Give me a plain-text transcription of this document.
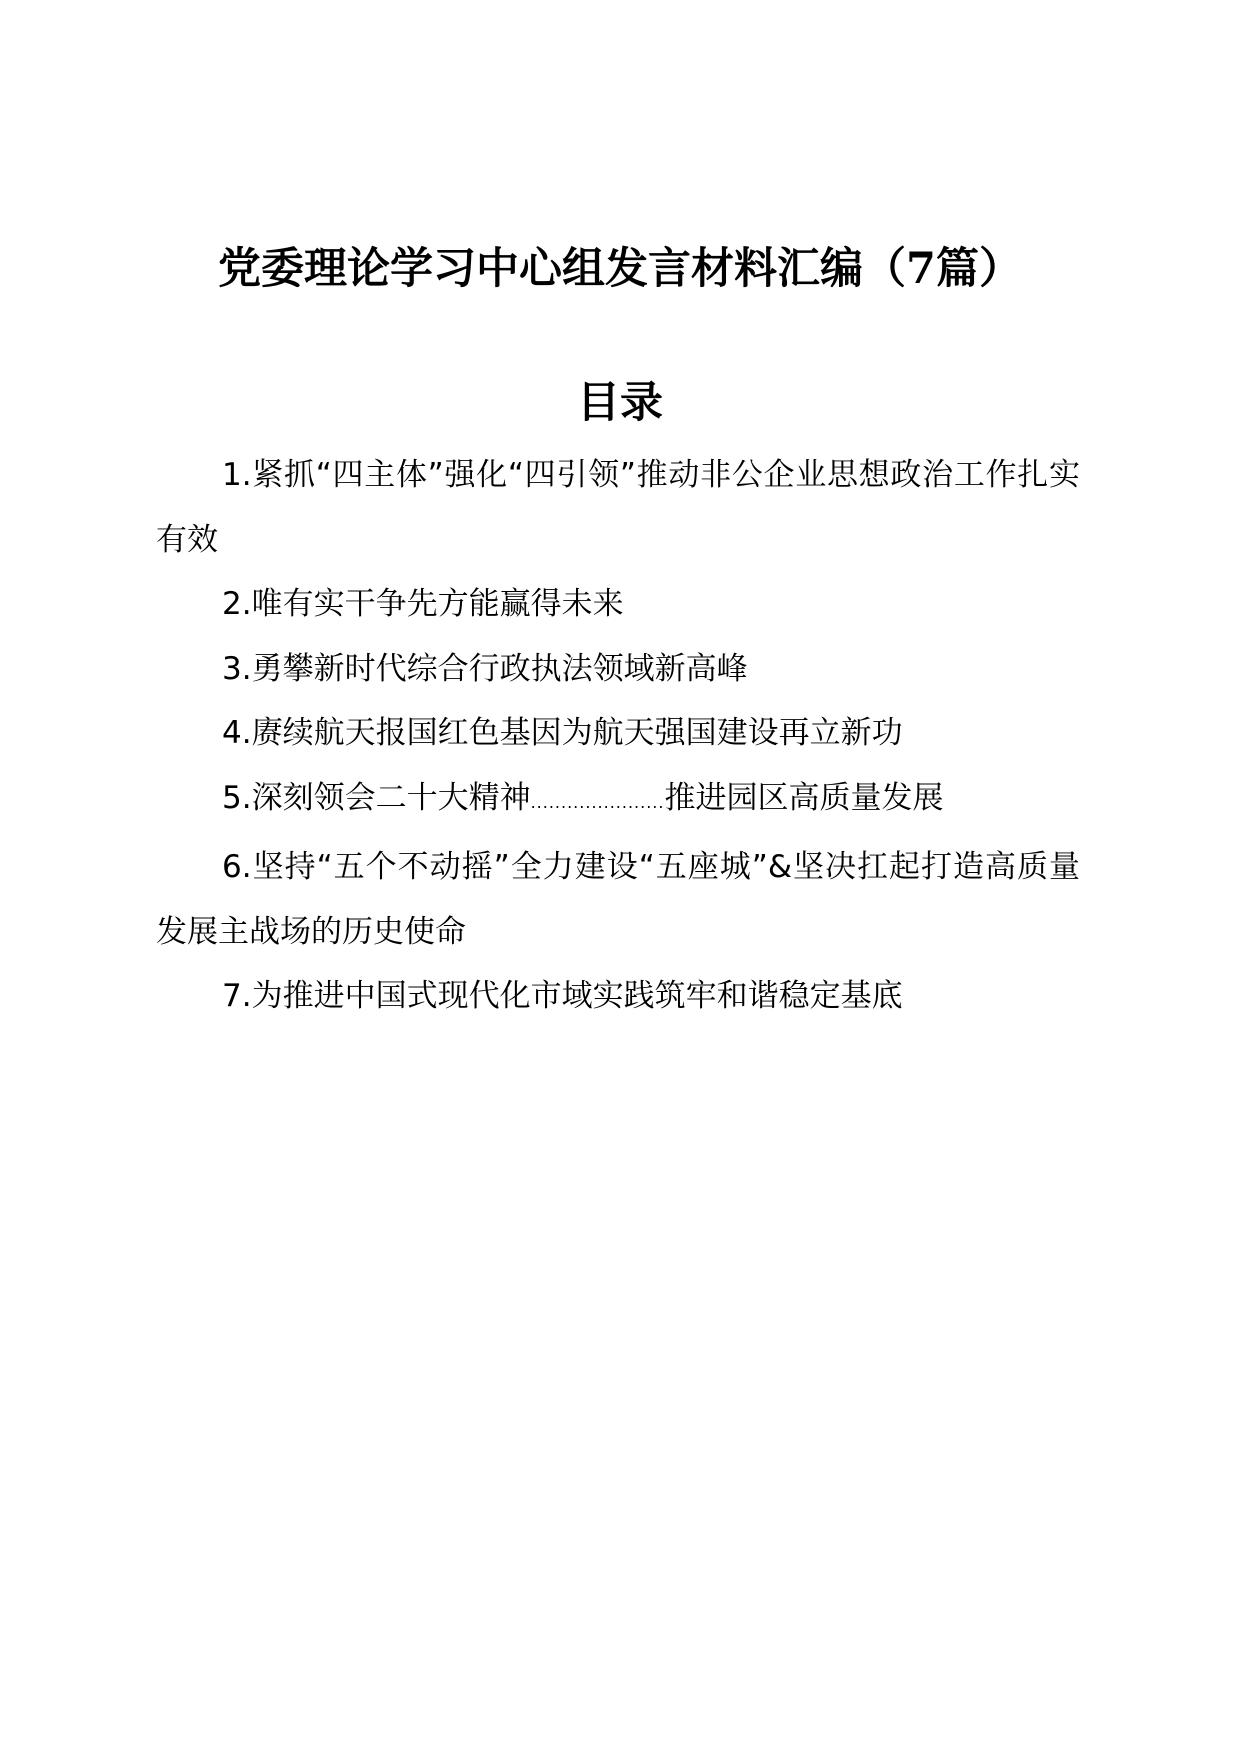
党委理论学习中心组发言材料汇编（7篇）
目录
1.紧抓“四主体”强化“四引领”推动非公企业思想政治工作扎实有效
2.唯有实干争先方能赢得未来
3.勇攀新时代综合行政执法领域新高峰
4.赓续航天报国红色基因为航天强国建设再立新功
5.深刻领会二十大精神......................推进园区高质量发展
6.坚持“五个不动摇”全力建设“五座城”&坚决扛起打造高质量发展主战场的历史使命
7.为推进中国式现代化市域实践筑牢和谐稳定基底
